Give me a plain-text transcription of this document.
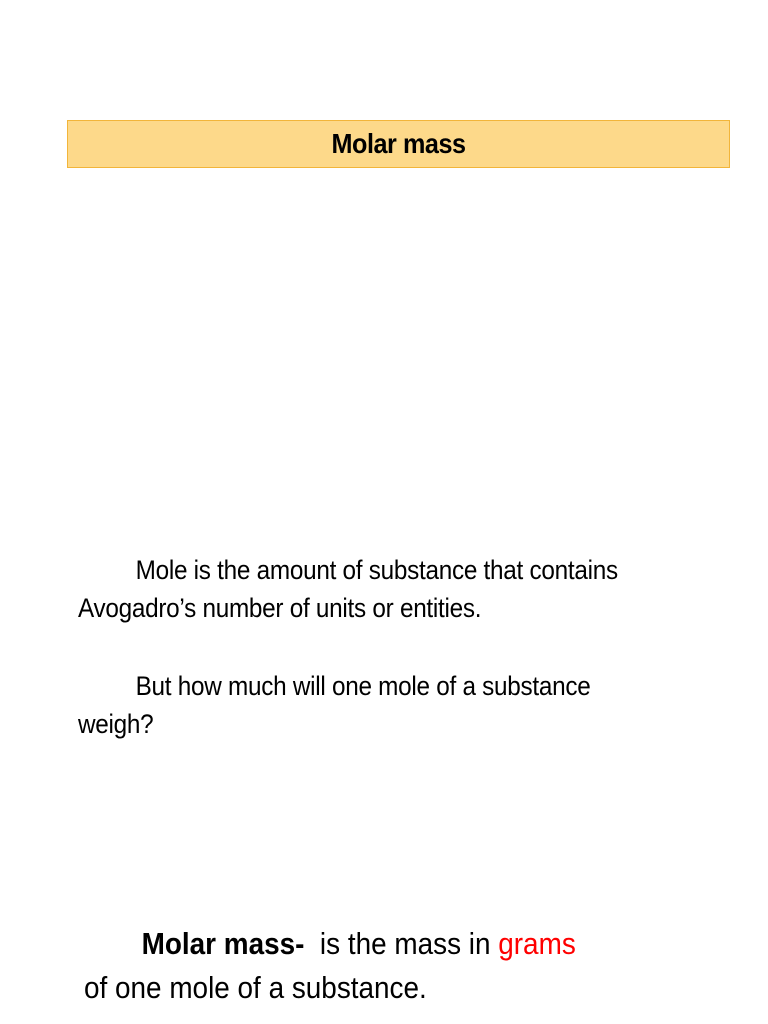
Molar mass
Mole is the amount of substance that contains
Avogadro’s number of units or entities.
But how much will one mole of a substance
weigh?
Molar mass- is the mass in grams
of one mole of a substance.
